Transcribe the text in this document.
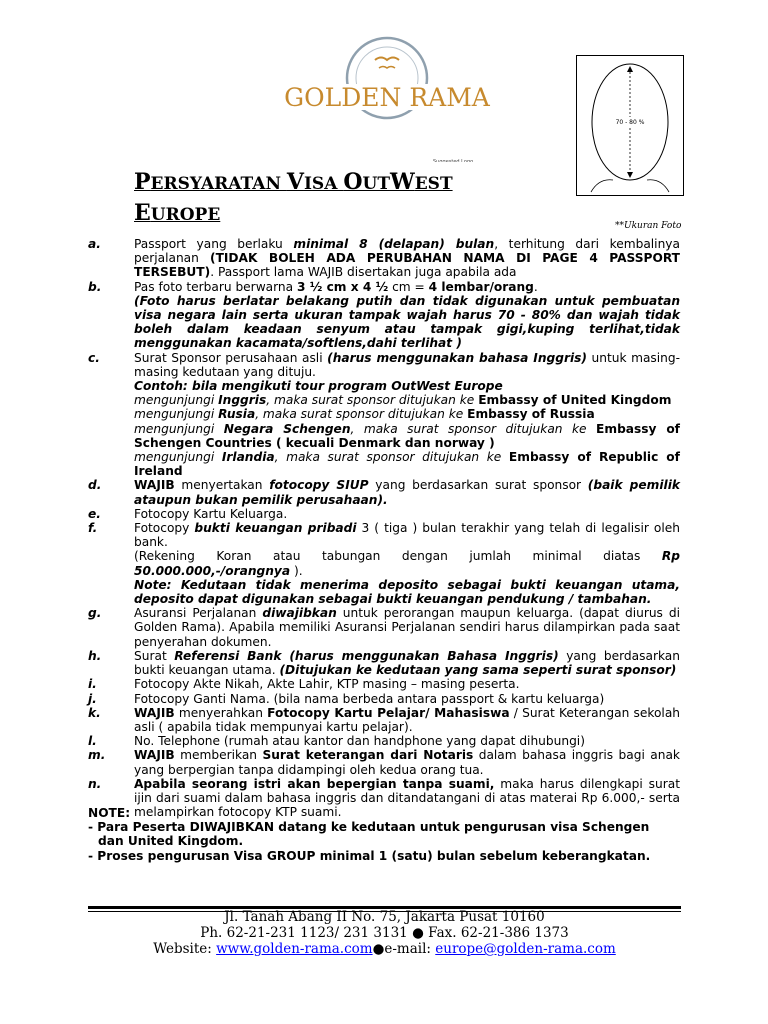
GOLDEN RAMA
Suggested Logo
70 - 80 %
PERSYARATAN VISA OUTWEST
EUROPE
**Ukuran Foto
a.	Passport yang berlaku minimal 8 (delapan) bulan, terhitung dari kembalinya perjalanan (TIDAK BOLEH ADA PERUBAHAN NAMA DI PAGE 4 PASSPORT TERSEBUT). Passport lama WAJIB disertakan juga apabila ada
b.	Pas foto terbaru berwarna 3 ½ cm x 4 ½ cm = 4 lembar/orang.
(Foto harus berlatar belakang putih dan tidak digunakan untuk pembuatan visa negara lain serta ukuran tampak wajah harus 70 - 80% dan wajah tidak boleh dalam keadaan senyum atau tampak gigi,kuping terlihat,tidak menggunakan kacamata/softlens,dahi terlihat )
c.	Surat Sponsor perusahaan asli (harus menggunakan bahasa Inggris) untuk masing-masing kedutaan yang dituju.
Contoh: bila mengikuti tour program OutWest Europe
mengunjungi Inggris, maka surat sponsor ditujukan ke Embassy of United Kingdom
mengunjungi Rusia, maka surat sponsor ditujukan ke Embassy of Russia
mengunjungi Negara Schengen, maka surat sponsor ditujukan ke Embassy of Schengen Countries ( kecuali Denmark dan norway )
mengunjungi Irlandia, maka surat sponsor ditujukan ke Embassy of Republic of Ireland
d.	WAJIB menyertakan fotocopy SIUP yang berdasarkan surat sponsor (baik pemilik ataupun bukan pemilik perusahaan).
e.	Fotocopy Kartu Keluarga.
f.	Fotocopy bukti keuangan pribadi 3 ( tiga ) bulan terakhir yang telah di legalisir oleh bank.
(Rekening Koran atau tabungan dengan jumlah minimal diatas Rp 50.000.000,-/orangnya ).
Note: Kedutaan tidak menerima deposito sebagai bukti keuangan utama, deposito dapat digunakan sebagai bukti keuangan pendukung / tambahan.
g.	Asuransi Perjalanan diwajibkan untuk perorangan maupun keluarga. (dapat diurus di Golden Rama). Apabila memiliki Asuransi Perjalanan sendiri harus dilampirkan pada saat penyerahan dokumen.
h.	Surat Referensi Bank (harus menggunakan Bahasa Inggris) yang berdasarkan bukti keuangan utama. (Ditujukan ke kedutaan yang sama seperti surat sponsor)
i.	Fotocopy Akte Nikah, Akte Lahir, KTP masing – masing peserta.
j.	Fotocopy Ganti Nama. (bila nama berbeda antara passport & kartu keluarga)
k.	WAJIB menyerahkan Fotocopy Kartu Pelajar/ Mahasiswa / Surat Keterangan sekolah asli ( apabila tidak mempunyai kartu pelajar).
l.	No. Telephone (rumah atau kantor dan handphone yang dapat dihubungi)
m.	WAJIB memberikan Surat keterangan dari Notaris dalam bahasa inggris bagi anak yang berpergian tanpa didampingi oleh kedua orang tua.
n.	Apabila seorang istri akan bepergian tanpa suami, maka harus dilengkapi surat ijin dari suami dalam bahasa inggris dan ditandatangani di atas materai Rp 6.000,- serta melampirkan fotocopy KTP suami.
NOTE:
- Para Peserta DIWAJIBKAN datang ke kedutaan untuk pengurusan visa Schengen
dan United Kingdom.
- Proses pengurusan Visa GROUP minimal 1 (satu) bulan sebelum keberangkatan.
Jl. Tanah Abang II No. 75, Jakarta Pusat 10160
Ph. 62-21-231 1123/ 231 3131 ● Fax. 62-21-386 1373
Website: www.golden-rama.com●e-mail: europe@golden-rama.com
